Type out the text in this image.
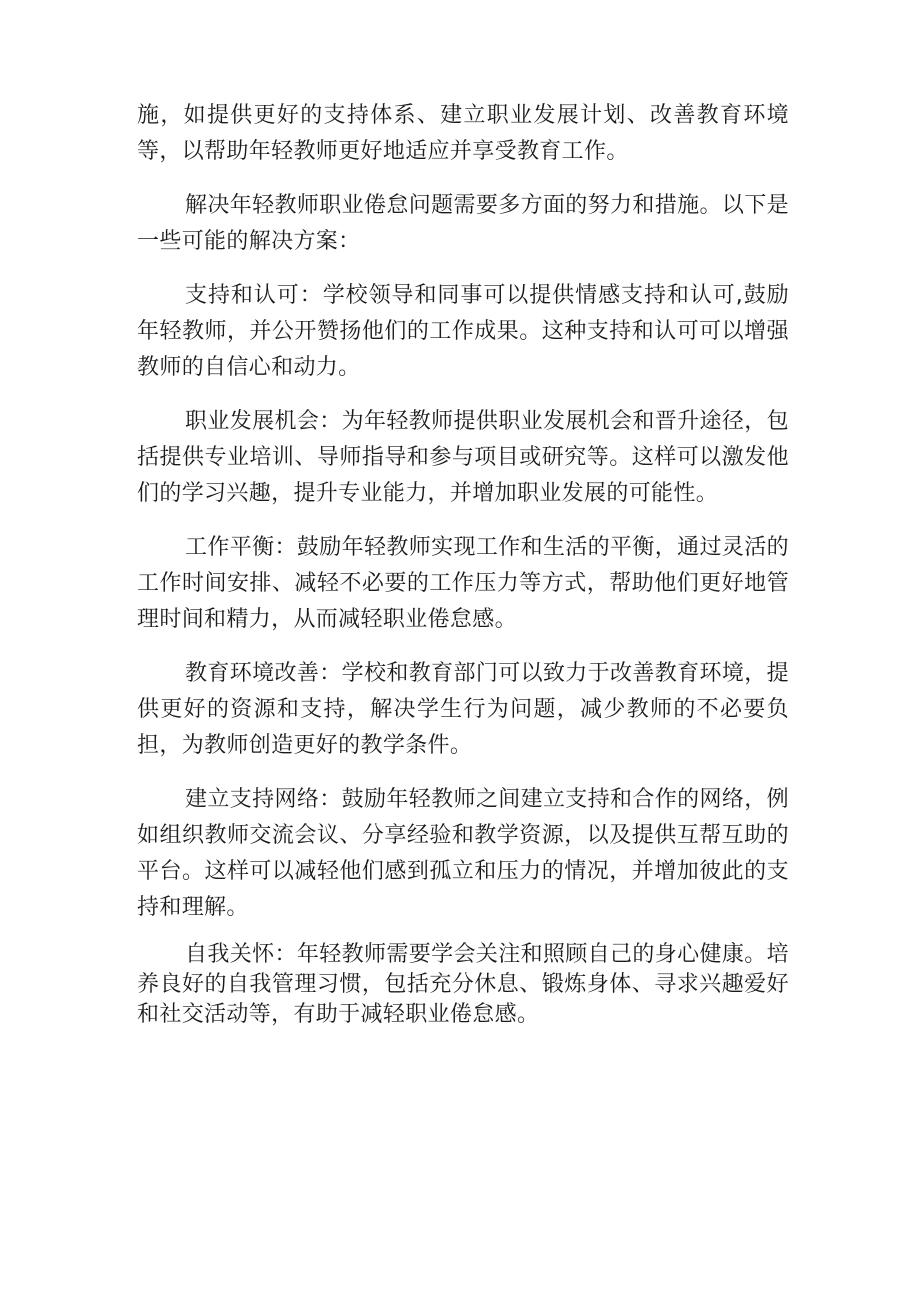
施，如提供更好的支持体系、建立职业发展计划、改善教育环境等，以帮助年轻教师更好地适应并享受教育工作。

解决年轻教师职业倦怠问题需要多方面的努力和措施。以下是一些可能的解决方案：

支持和认可：学校领导和同事可以提供情感支持和认可,鼓励年轻教师，并公开赞扬他们的工作成果。这种支持和认可可以增强教师的自信心和动力。

职业发展机会：为年轻教师提供职业发展机会和晋升途径，包括提供专业培训、导师指导和参与项目或研究等。这样可以激发他们的学习兴趣，提升专业能力，并增加职业发展的可能性。

工作平衡：鼓励年轻教师实现工作和生活的平衡，通过灵活的工作时间安排、减轻不必要的工作压力等方式，帮助他们更好地管理时间和精力，从而减轻职业倦怠感。

教育环境改善：学校和教育部门可以致力于改善教育环境，提供更好的资源和支持，解决学生行为问题，减少教师的不必要负担，为教师创造更好的教学条件。

建立支持网络：鼓励年轻教师之间建立支持和合作的网络，例如组织教师交流会议、分享经验和教学资源，以及提供互帮互助的平台。这样可以减轻他们感到孤立和压力的情况，并增加彼此的支持和理解。

自我关怀：年轻教师需要学会关注和照顾自己的身心健康。培养良好的自我管理习惯，包括充分休息、锻炼身体、寻求兴趣爱好和社交活动等，有助于减轻职业倦怠感。
